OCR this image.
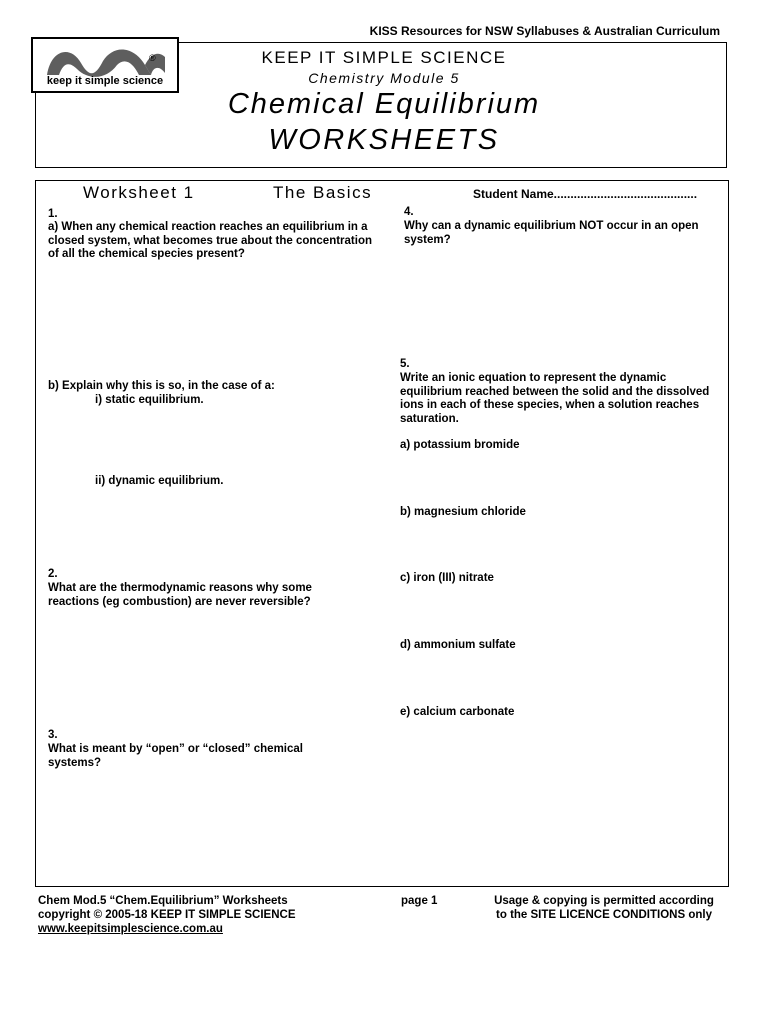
KISS Resources for NSW Syllabuses & Australian Curriculum
®
keep it simple science
KEEP IT SIMPLE SCIENCE
Chemistry Module 5
Chemical Equilibrium
WORKSHEETS
Worksheet 1	The Basics	Student Name...........................................
1.
a) When any chemical reaction reaches an equilibrium in a closed system, what becomes true about the concentration of all the chemical species present?
b) Explain why this is so, in the case of a:
i) static equilibrium.
ii) dynamic equilibrium.
2.
What are the thermodynamic reasons why some reactions (eg combustion) are never reversible?
3.
What is meant by “open” or “closed” chemical systems?
4.
Why can a dynamic equilibrium NOT occur in an open system?
5.
Write an ionic equation to represent the dynamic equilibrium reached between the solid and the dissolved ions in each of these species, when a solution reaches saturation.
a) potassium bromide
b) magnesium chloride
c) iron (III) nitrate
d) ammonium sulfate
e) calcium carbonate
Chem Mod.5 “Chem.Equilibrium” Worksheets
copyright © 2005-18 KEEP IT SIMPLE SCIENCE
www.keepitsimplescience.com.au
page 1	Usage & copying is permitted according
to the SITE LICENCE CONDITIONS only
